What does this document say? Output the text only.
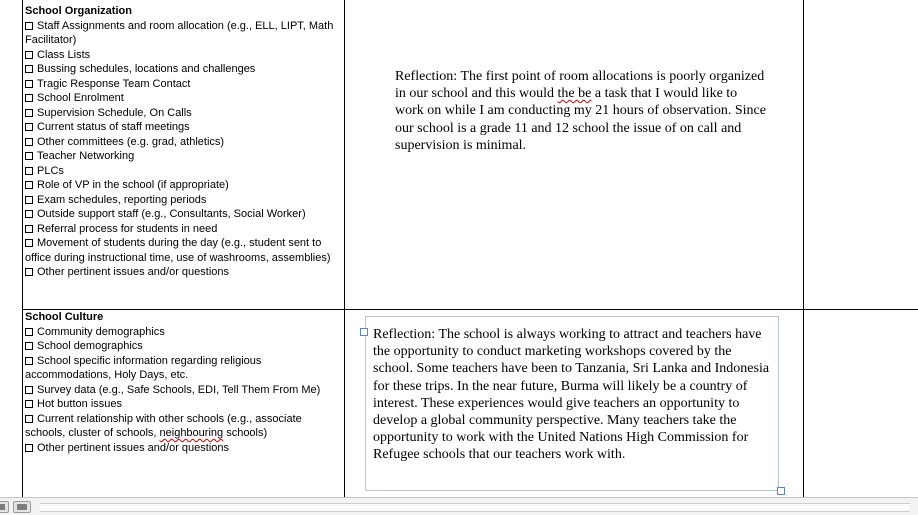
School Organization
Staff Assignments and room allocation (e.g., ELL, LIPT, Math Facilitator)
Class Lists
Bussing schedules, locations and challenges
Tragic Response Team Contact
School Enrolment
Supervision Schedule, On Calls
Current status of staff meetings
Other committees (e.g. grad, athletics)
Teacher Networking
PLCs
Role of VP in the school (if appropriate)
Exam schedules, reporting periods
Outside support staff (e.g., Consultants, Social Worker)
Referral process for students in need
Movement of students during the day (e.g., student sent to office during instructional time, use of washrooms, assemblies)
Other pertinent issues and/or questions
Reflection: The first point of room allocations is poorly organized in our school and this would the be a task that I would like to work on while I am conducting my 21 hours of observation. Since our school is a grade 11 and 12 school the issue of on call and supervision is minimal.
School Culture
Community demographics
School demographics
School specific information regarding religious accommodations, Holy Days, etc.
Survey data (e.g., Safe Schools, EDI, Tell Them From Me)
Hot button issues
Current relationship with other schools (e.g., associate schools, cluster of schools, neighbouring schools)
Other pertinent issues and/or questions
Reflection: The school is always working to attract and teachers have the opportunity to conduct marketing workshops covered by the school. Some teachers have been to Tanzania, Sri Lanka and Indonesia for these trips. In the near future, Burma will likely be a country of interest. These experiences would give teachers an opportunity to develop a global community perspective. Many teachers take the opportunity to work with the United Nations High Commission for Refugee schools that our teachers work with.
